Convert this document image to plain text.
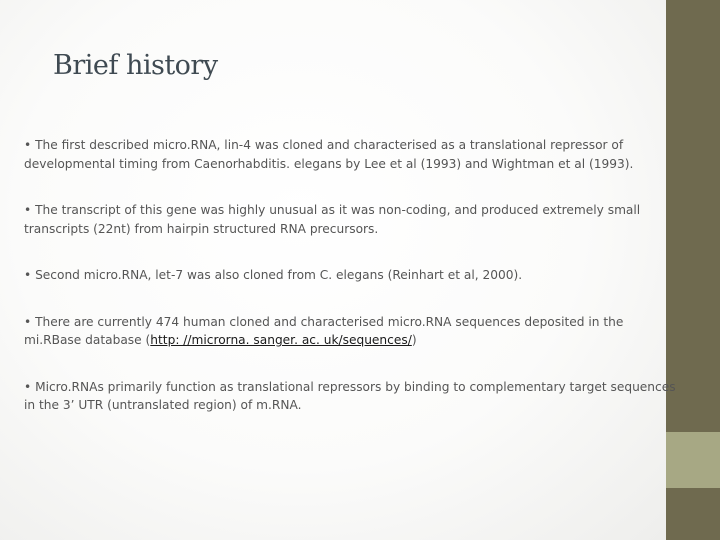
Brief history

• The first described micro.RNA, lin-4 was cloned and characterised as a translational repressor of developmental timing from Caenorhabditis. elegans by Lee et al (1993) and Wightman et al (1993).

• The transcript of this gene was highly unusual as it was non-coding, and produced extremely small transcripts (22nt) from hairpin structured RNA precursors.

• Second micro.RNA, let-7 was also cloned from C. elegans (Reinhart et al, 2000).

• There are currently 474 human cloned and characterised micro.RNA sequences deposited in the mi.RBase database (http: //microrna. sanger. ac. uk/sequences/)

• Micro.RNAs primarily function as translational repressors by binding to complementary target sequences in the 3’ UTR (untranslated region) of m.RNA.
